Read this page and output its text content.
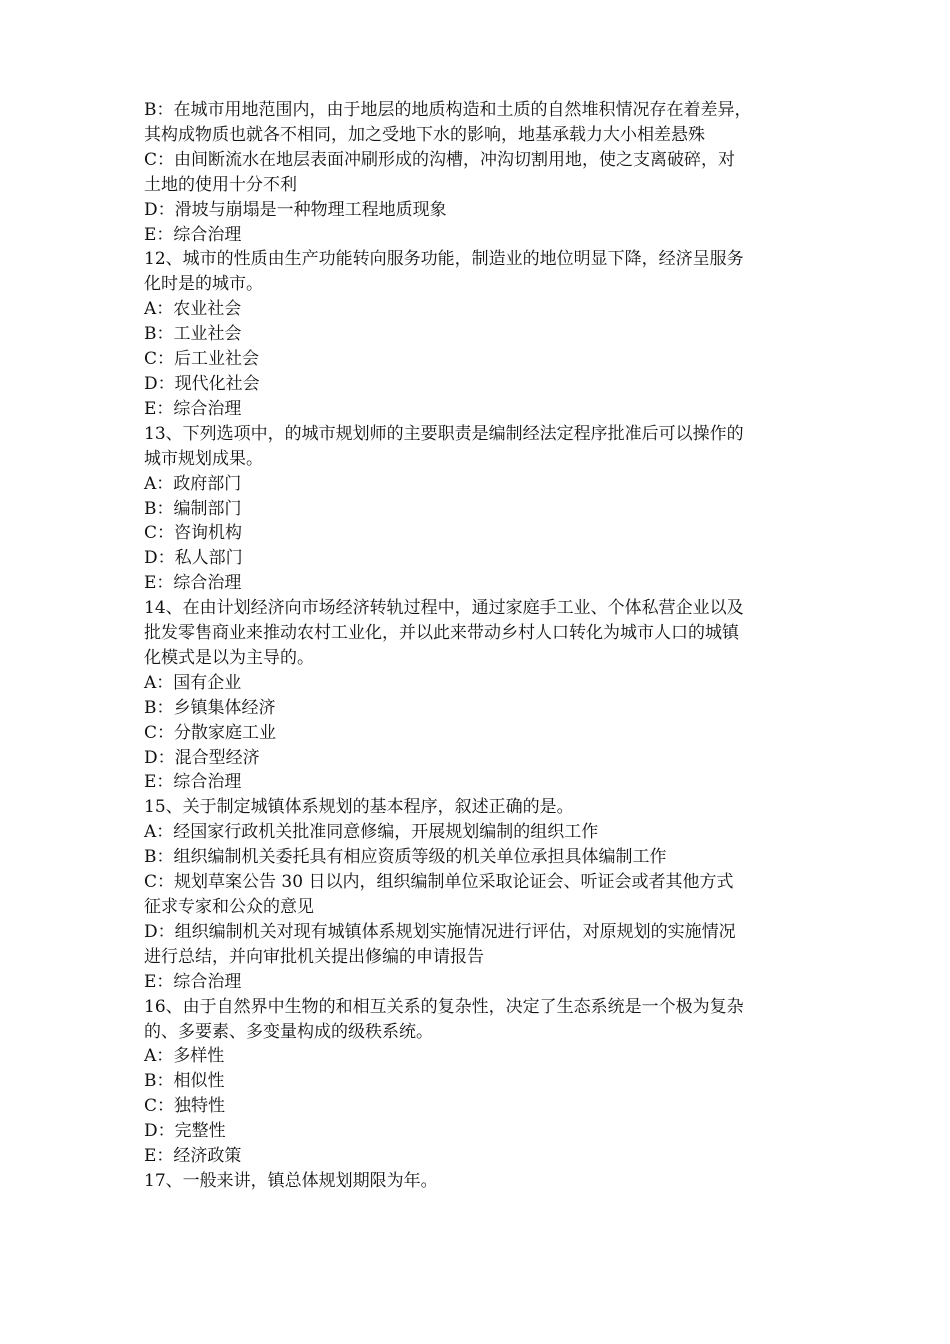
B：在城市用地范围内，由于地层的地质构造和土质的自然堆积情况存在着差异，
其构成物质也就各不相同，加之受地下水的影响，地基承载力大小相差悬殊
C：由间断流水在地层表面冲刷形成的沟槽，冲沟切割用地，使之支离破碎，对
土地的使用十分不利
D：滑坡与崩塌是一种物理工程地质现象
E：综合治理
12、城市的性质由生产功能转向服务功能，制造业的地位明显下降，经济呈服务
化时是的城市。
A：农业社会
B：工业社会
C：后工业社会
D：现代化社会
E：综合治理
13、下列选项中，的城市规划师的主要职责是编制经法定程序批准后可以操作的
城市规划成果。
A：政府部门
B：编制部门
C：咨询机构
D：私人部门
E：综合治理
14、在由计划经济向市场经济转轨过程中，通过家庭手工业、个体私营企业以及
批发零售商业来推动农村工业化，并以此来带动乡村人口转化为城市人口的城镇
化模式是以为主导的。
A：国有企业
B：乡镇集体经济
C：分散家庭工业
D：混合型经济
E：综合治理
15、关于制定城镇体系规划的基本程序，叙述正确的是。
A：经国家行政机关批准同意修编，开展规划编制的组织工作
B：组织编制机关委托具有相应资质等级的机关单位承担具体编制工作
C：规划草案公告 30 日以内，组织编制单位采取论证会、听证会或者其他方式
征求专家和公众的意见
D：组织编制机关对现有城镇体系规划实施情况进行评估，对原规划的实施情况
进行总结，并向审批机关提出修编的申请报告
E：综合治理
16、由于自然界中生物的和相互关系的复杂性，决定了生态系统是一个极为复杂
的、多要素、多变量构成的级秩系统。
A：多样性
B：相似性
C：独特性
D：完整性
E：经济政策
17、一般来讲，镇总体规划期限为年。
